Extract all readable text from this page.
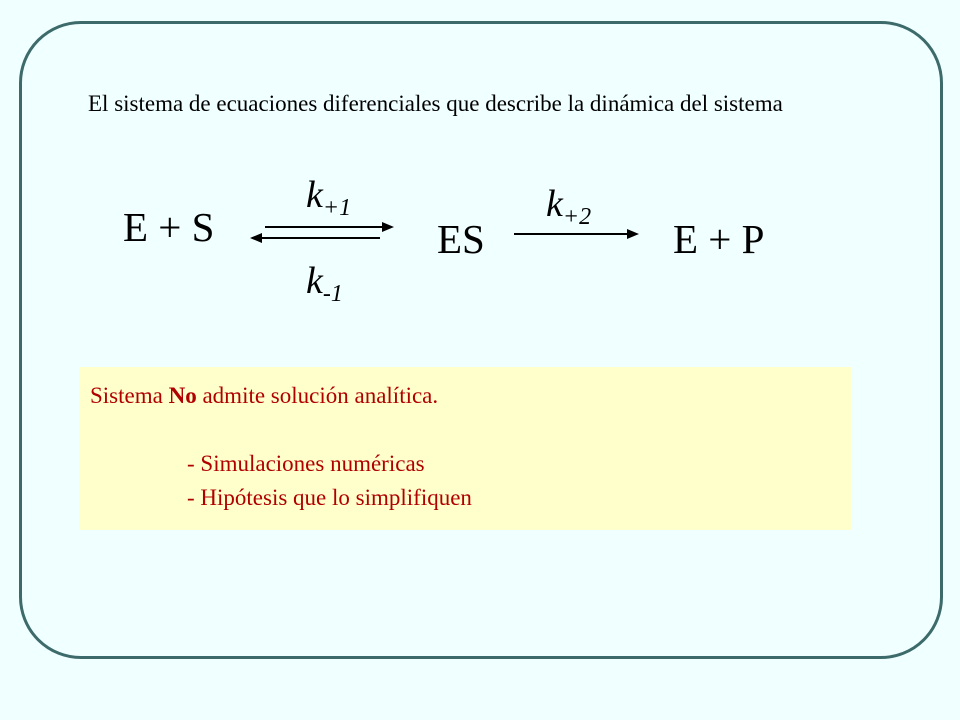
El sistema de ecuaciones diferenciales que describe la dinámica del sistema

E + S
$k_{+1}$
$k_{-1}$
ES
$k_{+2}$ E + P
Sistema No admite solución analítica.
- Simulaciones numéricas
- Hipótesis que lo simplifiquen
